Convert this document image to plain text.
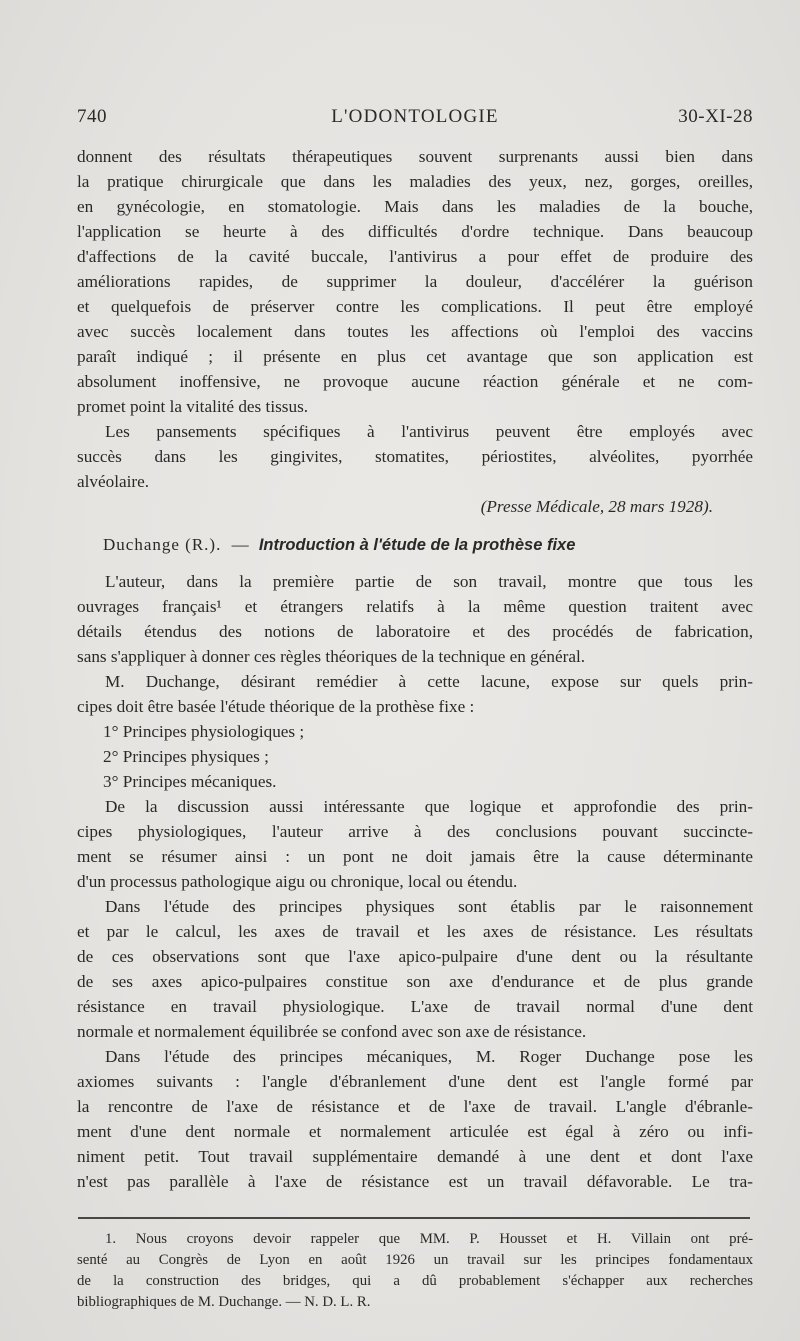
740	L'ODONTOLOGIE	30-XI-28
donnent des résultats thérapeutiques souvent surprenants aussi bien dans
la pratique chirurgicale que dans les maladies des yeux, nez, gorges, oreilles,
en gynécologie, en stomatologie. Mais dans les maladies de la bouche,
l'application se heurte à des difficultés d'ordre technique. Dans beaucoup
d'affections de la cavité buccale, l'antivirus a pour effet de produire des
améliorations rapides, de supprimer la douleur, d'accélérer la guérison
et quelquefois de préserver contre les complications. Il peut être employé
avec succès localement dans toutes les affections où l'emploi des vaccins
paraît indiqué ; il présente en plus cet avantage que son application est
absolument inoffensive, ne provoque aucune réaction générale et ne com-
promet point la vitalité des tissus.
Les pansements spécifiques à l'antivirus peuvent être employés avec
succès dans les gingivites, stomatites, périostites, alvéolites, pyorrhée
alvéolaire.
(Presse Médicale, 28 mars 1928).
Duchange (R.). — Introduction à l'étude de la prothèse fixe
L'auteur, dans la première partie de son travail, montre que tous les
ouvrages français¹ et étrangers relatifs à la même question traitent avec
détails étendus des notions de laboratoire et des procédés de fabrication,
sans s'appliquer à donner ces règles théoriques de la technique en général.
M. Duchange, désirant remédier à cette lacune, expose sur quels prin-
cipes doit être basée l'étude théorique de la prothèse fixe :
1° Principes physiologiques ;
2° Principes physiques ;
3° Principes mécaniques.
De la discussion aussi intéressante que logique et approfondie des prin-
cipes physiologiques, l'auteur arrive à des conclusions pouvant succincte-
ment se résumer ainsi : un pont ne doit jamais être la cause déterminante
d'un processus pathologique aigu ou chronique, local ou étendu.
Dans l'étude des principes physiques sont établis par le raisonnement
et par le calcul, les axes de travail et les axes de résistance. Les résultats
de ces observations sont que l'axe apico-pulpaire d'une dent ou la résultante
de ses axes apico-pulpaires constitue son axe d'endurance et de plus grande
résistance en travail physiologique. L'axe de travail normal d'une dent
normale et normalement équilibrée se confond avec son axe de résistance.
Dans l'étude des principes mécaniques, M. Roger Duchange pose les
axiomes suivants : l'angle d'ébranlement d'une dent est l'angle formé par
la rencontre de l'axe de résistance et de l'axe de travail. L'angle d'ébranle-
ment d'une dent normale et normalement articulée est égal à zéro ou infi-
niment petit. Tout travail supplémentaire demandé à une dent et dont l'axe
n'est pas parallèle à l'axe de résistance est un travail défavorable. Le tra-
1. Nous croyons devoir rappeler que MM. P. Housset et H. Villain ont pré-
senté au Congrès de Lyon en août 1926 un travail sur les principes fondamentaux
de la construction des bridges, qui a dû probablement s'échapper aux recherches
bibliographiques de M. Duchange. — N. D. L. R.
